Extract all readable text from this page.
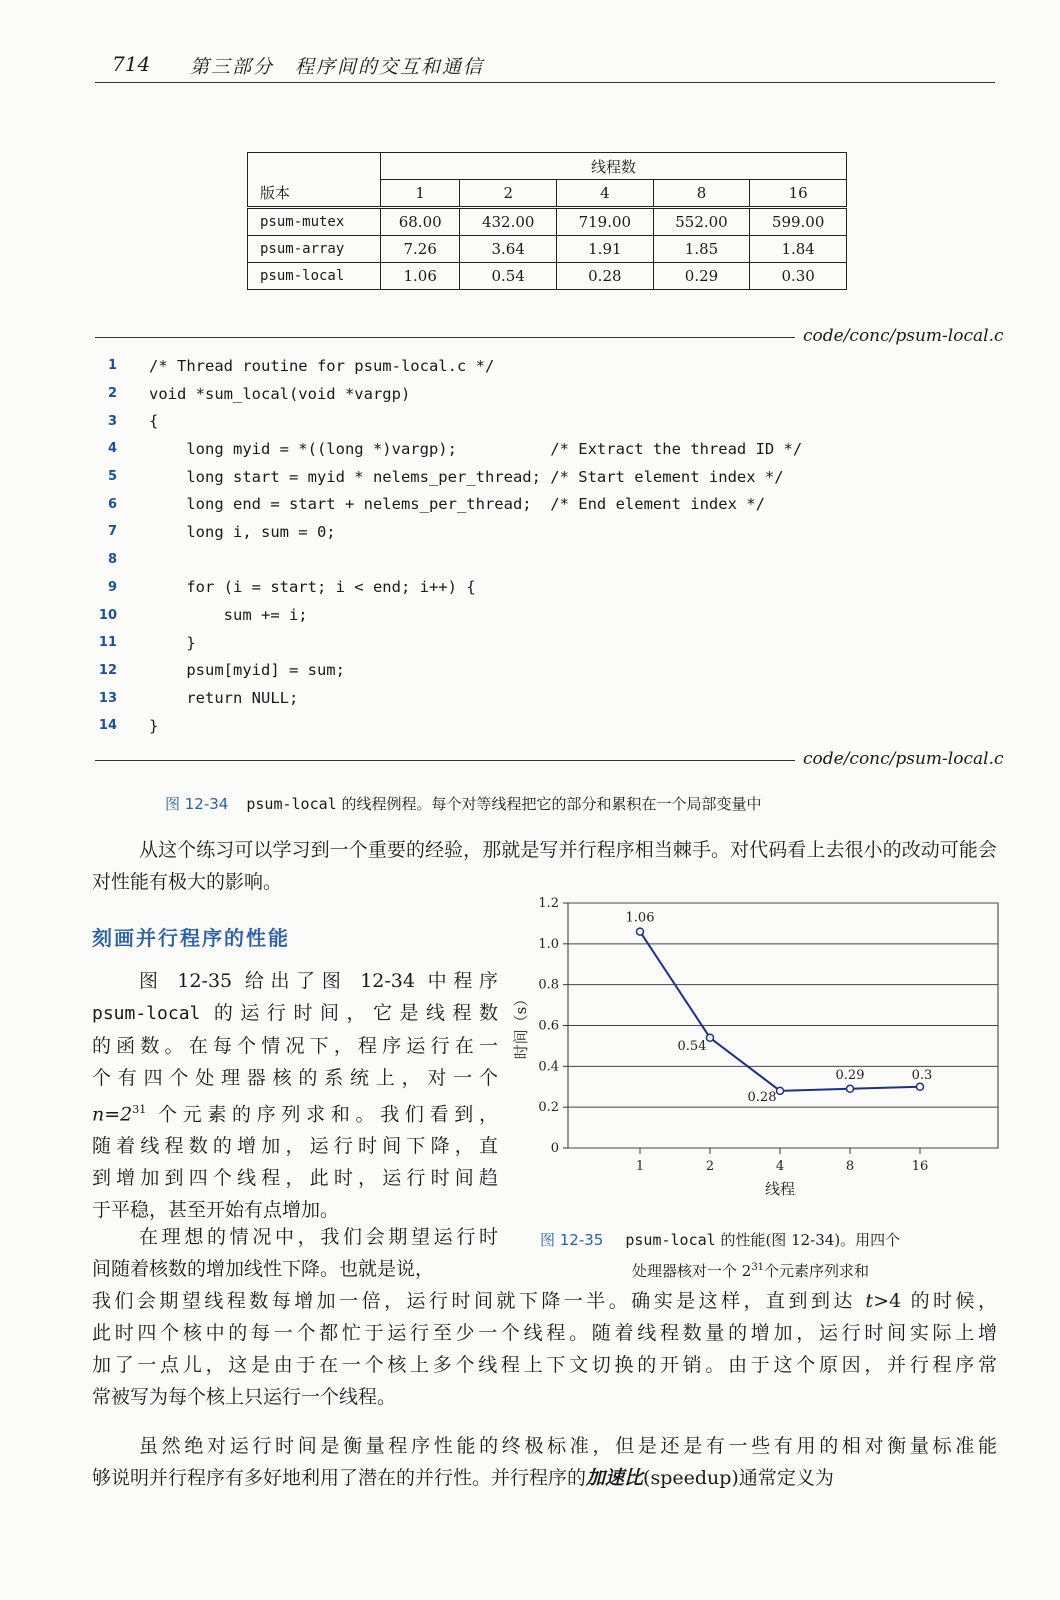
714 第三部分　程序间的交互和通信
	线程数				
版本	1	2	4	8	16
psum-mutex	68.00	432.00	719.00	552.00	599.00
psum-array	7.26	3.64	1.91	1.85	1.84
psum-local	1.06	0.54	0.28	0.29	0.30
code/conc/psum-local.c
1 /* Thread routine for psum-local.c */
2 void *sum_local(void *vargp)
3 {
4 long myid = *((long *)vargp);          /* Extract the thread ID */
5 long start = myid * nelems_per_thread; /* Start element index */
6 long end = start + nelems_per_thread;  /* End element index */
7 long i, sum = 0;
8
9 for (i = start; i < end; i++) {
10 sum += i;
11 }
12 psum[myid] = sum;
13 return NULL;
14 }
code/conc/psum-local.c
图 12-34 psum-local 的线程例程。每个对等线程把它的部分和累积在一个局部变量中
从这个练习可以学习到一个重要的经验，那就是写并行程序相当棘手。对代码看上去很小的改动可能会对性能有极大的影响。
刻画并行程序的性能
图 12-35 给出了图 12-34 中程序
psum-local 的运行时间，它是线程数
的函数。在每个情况下，程序运行在一
个有四个处理器核的系统上，对一个
$n=2^{31}$ 个元素的序列求和。我们看到，
随着线程数的增加，运行时间下降，直
到增加到四个线程，此时，运行时间趋
于平稳，甚至开始有点增加。
在理想的情况中，我们会期望运行时
间随着核数的增加线性下降。也就是说，
我们会期望线程数每增加一倍，运行时间就下降一半。确实是这样，直到到达 t>4 的时候，
此时四个核中的每一个都忙于运行至少一个线程。随着线程数量的增加，运行时间实际上增
加了一点儿，这是由于在一个核上多个线程上下文切换的开销。由于这个原因，并行程序常
常被写为每个核上只运行一个线程。
虽然绝对运行时间是衡量程序性能的终极标准，但是还是有一些有用的相对衡量标准能
够说明并行程序有多好地利用了潜在的并行性。并行程序的加速比(speedup)通常定义为
0
0.2
0.4
0.6
0.8
1.0
1.2
1	2	4	8	16
1.06
0.54
0.28
0.29	0.3
时间（s）
线程
图 12-35 psum-local 的性能(图 12-34)。用四个
处理器核对一个 $2^{31}$个元素序列求和
